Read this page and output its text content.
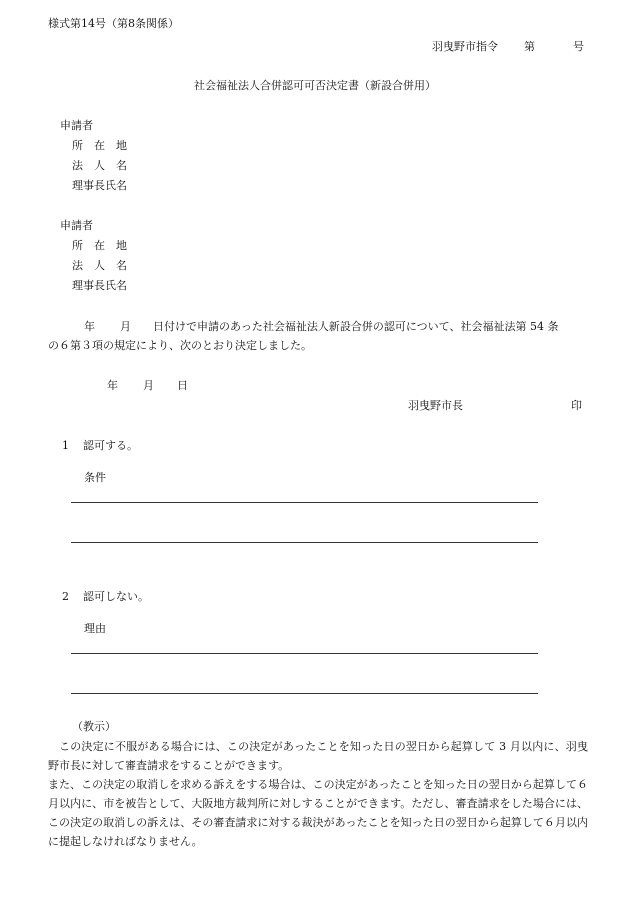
様式第14号（第8条関係）
羽曳野市指令 第	号
社会福祉法人合併認可可否決定書（新設合併用）
申請者
所　在　地
法　人　名
理事長氏名
申請者
所　在　地
法　人　名
理事長氏名
年 月 日付けで申請のあった社会福祉法人新設合併の認可について、社会福祉法第 54 条
の６第３項の規定により、次のとおり決定しました。
年 月 日
羽曳野市長	印
1 認可する。
条件
2 認可しない。
理由
（教示）
この決定に不服がある場合には、この決定があったことを知った日の翌日から起算して 3 月以内に、羽曳野市長に対して審査請求をすることができます。
また、この決定の取消しを求める訴えをする場合は、この決定があったことを知った日の翌日から起算して６月以内に、市を被告として、大阪地方裁判所に対しすることができます。ただし、審査請求をした場合には、この決定の取消しの訴えは、その審査請求に対する裁決があったことを知った日の翌日から起算して６月以内に提起しなければなりません。
